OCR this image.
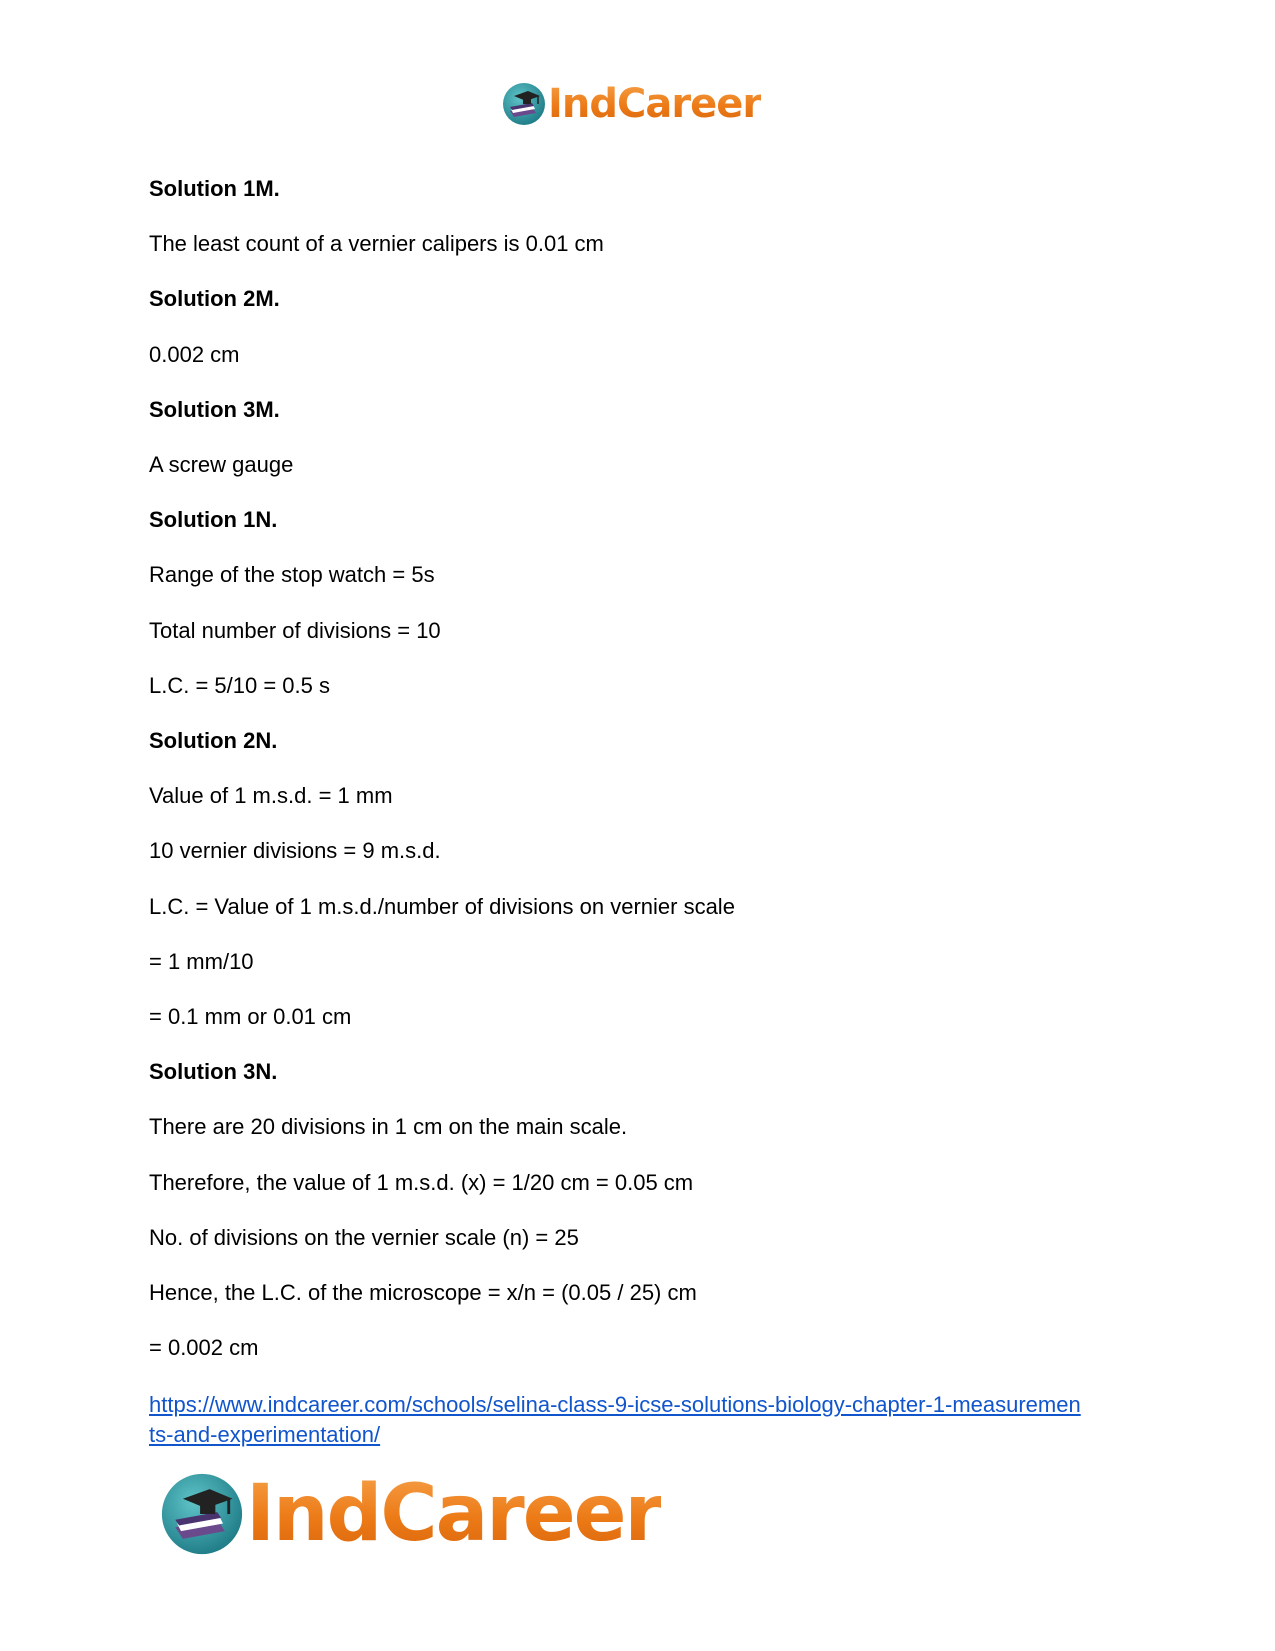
IndCareer
Solution 1M.
The least count of a vernier calipers is 0.01 cm
Solution 2M.
0.002 cm
Solution 3M.
A screw gauge
Solution 1N.
Range of the stop watch = 5s
Total number of divisions = 10
L.C. = 5/10 = 0.5 s
Solution 2N.
Value of 1 m.s.d. = 1 mm
10 vernier divisions = 9 m.s.d.
L.C. = Value of 1 m.s.d./number of divisions on vernier scale
= 1 mm/10
= 0.1 mm or 0.01 cm
Solution 3N.
There are 20 divisions in 1 cm on the main scale.
Therefore, the value of 1 m.s.d. (x) = 1/20 cm = 0.05 cm
No. of divisions on the vernier scale (n) = 25
Hence, the L.C. of the microscope = x/n = (0.05 / 25) cm
= 0.002 cm
https://www.indcareer.com/schools/selina-class-9-icse-solutions-biology-chapter-1-measuremen
ts-and-experimentation/
IndCareer
